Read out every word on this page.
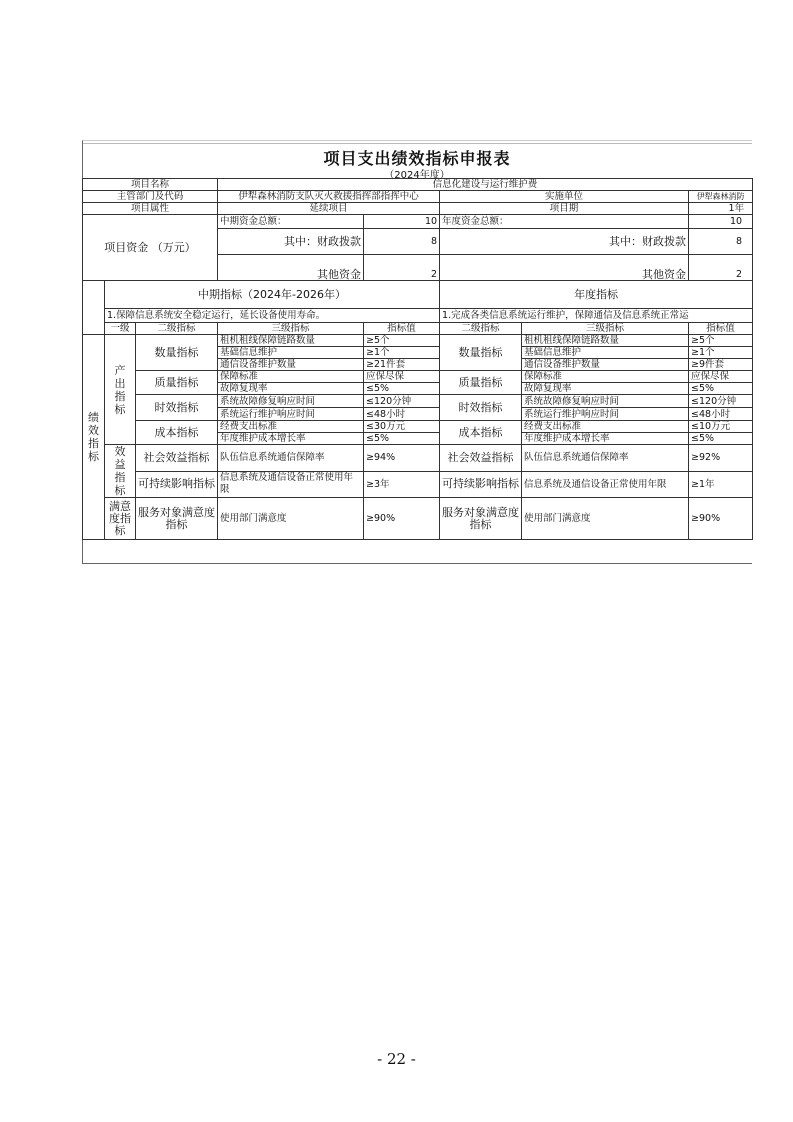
项目支出绩效指标申报表
（2024年度）
项目名称			信息化建设与运行维护费				
主管部门及代码			伊犁森林消防支队灭火救援指挥部指挥中心		实施单位		伊犁森林消防
项目属性			延续项目		项目期		1年
项目资金 （万元）			中期资金总额：	10	年度资金总额：		10
			其中：财政拨款	8	其中：财政拨款		8
			其他资金	2	其他资金		2
	中期指标（2024年-2026年）				年度指标		
	1.保障信息系统安全稳定运行，延长设备使用寿命。				1.完成各类信息系统运行维护，保障通信及信息系统正常运		
	一级	二级指标	三级指标	指标值	二级指标	三级指标	指标值
绩效指标	产出指标	数量指标	租机租线保障链路数量	≥5个	数量指标	租机租线保障链路数量	≥5个
			基础信息维护	≥1个		基础信息维护	≥1个
			通信设备维护数量	≥21件套		通信设备维护数量	≥9件套
		质量指标	保障标准	应保尽保	质量指标	保障标准	应保尽保
			故障复现率	≤5%		故障复现率	≤5%
		时效指标	系统故障修复响应时间	≤120分钟	时效指标	系统故障修复响应时间	≤120分钟
			系统运行维护响应时间	≤48小时		系统运行维护响应时间	≤48小时
		成本指标	经费支出标准	≤30万元	成本指标	经费支出标准	≤10万元
			年度维护成本增长率	≤5%		年度维护成本增长率	≤5%
	效益指标	社会效益指标	队伍信息系统通信保障率	≥94%	社会效益指标	队伍信息系统通信保障率	≥92%
		可持续影响指标	信息系统及通信设备正常使用年限	≥3年	可持续影响指标	信息系统及通信设备正常使用年限	≥1年
	满意度指标	服务对象满意度指标	使用部门满意度	≥90%	服务对象满意度指标	使用部门满意度	≥90%
- 22 -
